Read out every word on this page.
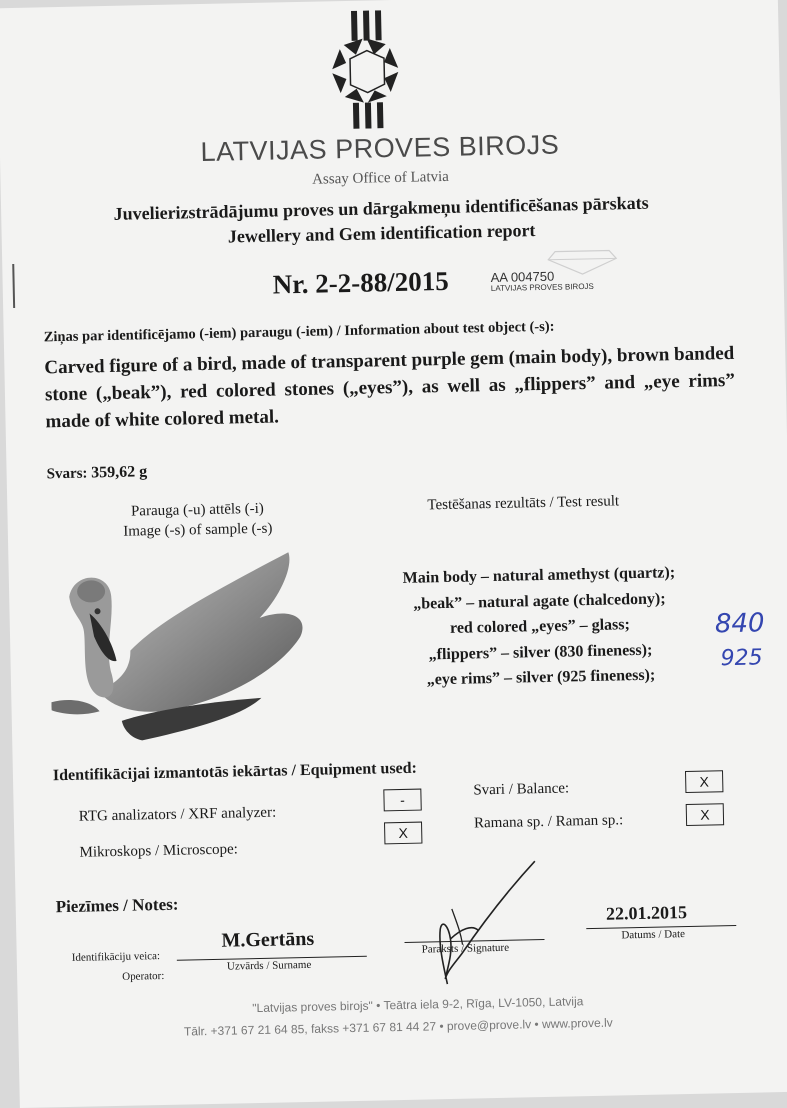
LATVIJAS PROVES BIROJS
Assay Office of Latvia
Juvelierizstrādājumu proves un dārgakmeņu identificēšanas pārskats
Jewellery and Gem identification report
Nr. 2-2-88/2015	AA 004750
LATVIJAS PROVES BIROJS
Ziņas par identificējamo (-iem) paraugu (-iem) / Information about test object (-s):
Carved figure of a bird, made of transparent purple gem (main body), brown banded stone („beak”), red colored stones („eyes”), as well as „flippers” and „eye rims” made of white colored metal.
Svars: 359,62 g
Parauga (-u) attēls (-i)
Image (-s) of sample (-s)
Testēšanas rezultāts / Test result
Main body – natural amethyst (quartz);
„beak” – natural agate (chalcedony);
red colored „eyes” – glass;
„flippers” – silver (830 fineness);
„eye rims” – silver (925 fineness);
840
925
Identifikācijai izmantotās iekārtas / Equipment used:
RTG analizators / XRF analyzer:
-
Mikroskops / Microscope:
X
Svari / Balance:	X
Ramana sp. / Raman sp.:	X
Piezīmes / Notes:
Identifikāciju veica:
Operator:
M.Gertāns
Uzvārds / Surname
Paraksts / Signature
22.01.2015
Datums / Date
"Latvijas proves birojs" • Teātra iela 9-2, Rīga, LV-1050, Latvija
Tālr. +371 67 21 64 85, fakss +371 67 81 44 27 • prove@prove.lv • www.prove.lv
